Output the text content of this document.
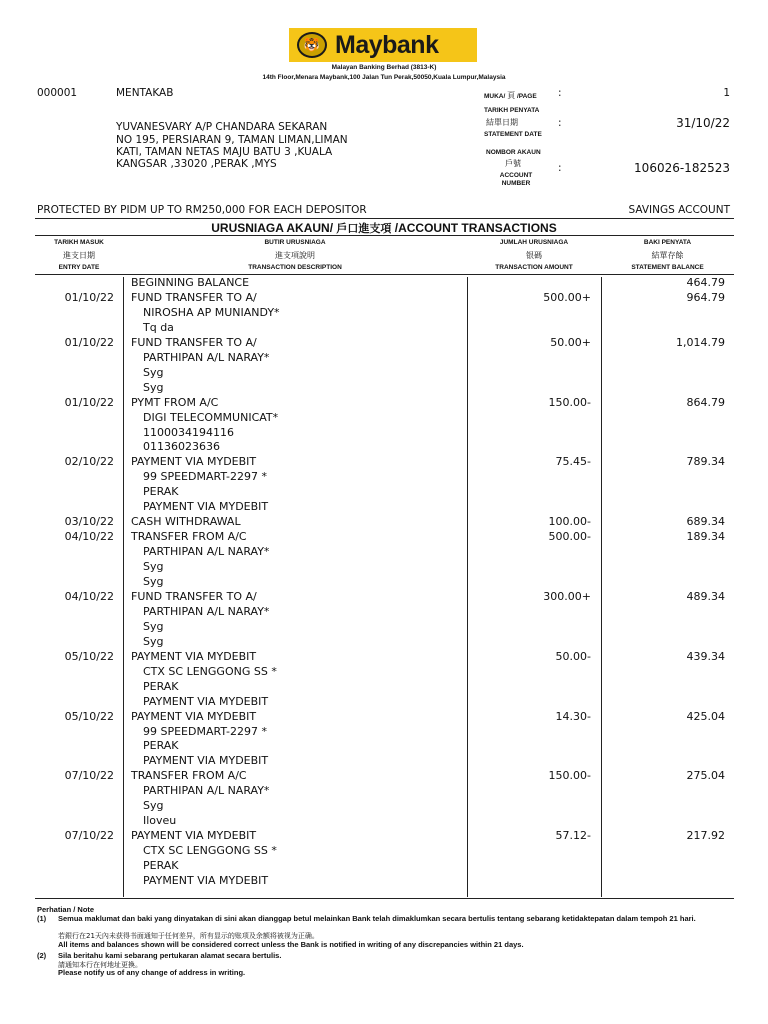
🐯 Maybank
Malayan Banking Berhad (3813-K)
14th Floor,Menara Maybank,100 Jalan Tun Perak,50050,Kuala Lumpur,Malaysia
000001	MENTAKAB	MUKA/ 頁 /PAGE :	1
YUVANESVARY A/P CHANDARA SEKARAN
NO 195, PERSIARAN 9, TAMAN LIMAN,LIMAN
KATI, TAMAN NETAS MAJU BATU 3 ,KUALA
KANGSAR ,33020 ,PERAK ,MYS
TARIKH PENYATA
結單日期
STATEMENT DATE
:	31/10/22
NOMBOR AKAUN
戶號
ACCOUNT
NUMBER
:	106026-182523
PROTECTED BY PIDM UP TO RM250,000 FOR EACH DEPOSITOR	SAVINGS ACCOUNT
URUSNIAGA AKAUN/ 戶口進支項 /ACCOUNT TRANSACTIONS
TARIKH MASUK
進支日期
ENTRY DATE
BUTIR URUSNIAGA
進支項說明
TRANSACTION DESCRIPTION
JUMLAH URUSNIAGA
银碼
TRANSACTION AMOUNT
BAKI PENYATA
結單存餘
STATEMENT BALANCE
BEGINNING BALANCE	464.79
01/10/22 FUND TRANSFER TO A/	500.00+	964.79
NIROSHA AP MUNIANDY*
Tq da
01/10/22 FUND TRANSFER TO A/	50.00+	1,014.79
PARTHIPAN A/L NARAY*
Syg
Syg
01/10/22 PYMT FROM A/C	150.00-	864.79
DIGI TELECOMMUNICAT*
1100034194116
01136023636
02/10/22 PAYMENT VIA MYDEBIT	75.45-	789.34
99 SPEEDMART-2297 *
PERAK
PAYMENT VIA MYDEBIT
03/10/22 CASH WITHDRAWAL	100.00-	689.34
04/10/22 TRANSFER FROM A/C	500.00-	189.34
PARTHIPAN A/L NARAY*
Syg
Syg
04/10/22 FUND TRANSFER TO A/	300.00+	489.34
PARTHIPAN A/L NARAY*
Syg
Syg
05/10/22 PAYMENT VIA MYDEBIT	50.00-	439.34
CTX SC LENGGONG SS *
PERAK
PAYMENT VIA MYDEBIT
05/10/22 PAYMENT VIA MYDEBIT	14.30-	425.04
99 SPEEDMART-2297 *
PERAK
PAYMENT VIA MYDEBIT
07/10/22 TRANSFER FROM A/C	150.00-	275.04
PARTHIPAN A/L NARAY*
Syg
Iloveu
07/10/22 PAYMENT VIA MYDEBIT	57.12-	217.92
CTX SC LENGGONG SS *
PERAK
PAYMENT VIA MYDEBIT
Perhatian / Note
(1) Semua maklumat dan baki yang dinyatakan di sini akan dianggap betul melainkan Bank telah dimaklumkan secara bertulis tentang sebarang ketidaktepatan dalam tempoh 21 hari.
若銀行在21天內未获得书面通知于任何差异，所有显示的账项及余额将被视为正确。
All items and balances shown will be considered correct unless the Bank is notified in writing of any discrepancies within 21 days.
(2) Sila beritahu kami sebarang pertukaran alamat secara bertulis.
請通知本行在何地址更換。
Please notify us of any change of address in writing.
